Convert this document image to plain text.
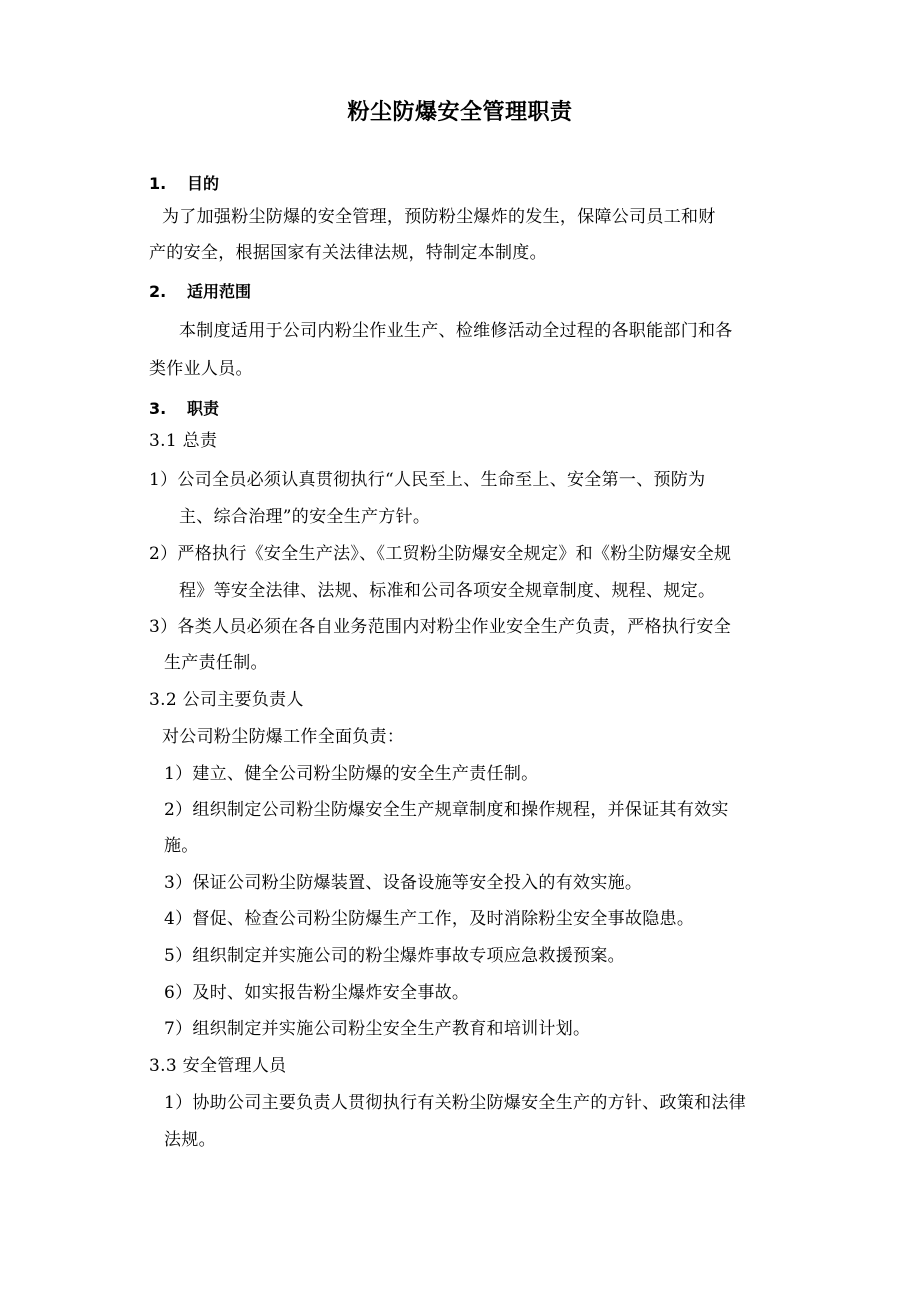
粉尘防爆安全管理职责
1. 目的
为了加强粉尘防爆的安全管理，预防粉尘爆炸的发生，保障公司员工和财
产的安全，根据国家有关法律法规，特制定本制度。
2. 适用范围
本制度适用于公司内粉尘作业生产、检维修活动全过程的各职能部门和各
类作业人员。
3. 职责
3.1 总责
1）公司全员必须认真贯彻执行“人民至上、生命至上、安全第一、预防为
主、综合治理”的安全生产方针。
2）严格执行《安全生产法》、《工贸粉尘防爆安全规定》和《粉尘防爆安全规
程》等安全法律、法规、标准和公司各项安全规章制度、规程、规定。
3）各类人员必须在各自业务范围内对粉尘作业安全生产负责，严格执行安全
生产责任制。
3.2 公司主要负责人
对公司粉尘防爆工作全面负责：
1）建立、健全公司粉尘防爆的安全生产责任制。
2）组织制定公司粉尘防爆安全生产规章制度和操作规程，并保证其有效实
施。
3）保证公司粉尘防爆装置、设备设施等安全投入的有效实施。
4）督促、检查公司粉尘防爆生产工作，及时消除粉尘安全事故隐患。
5）组织制定并实施公司的粉尘爆炸事故专项应急救援预案。
6）及时、如实报告粉尘爆炸安全事故。
7）组织制定并实施公司粉尘安全生产教育和培训计划。
3.3 安全管理人员
1）协助公司主要负责人贯彻执行有关粉尘防爆安全生产的方针、政策和法律
法规。
